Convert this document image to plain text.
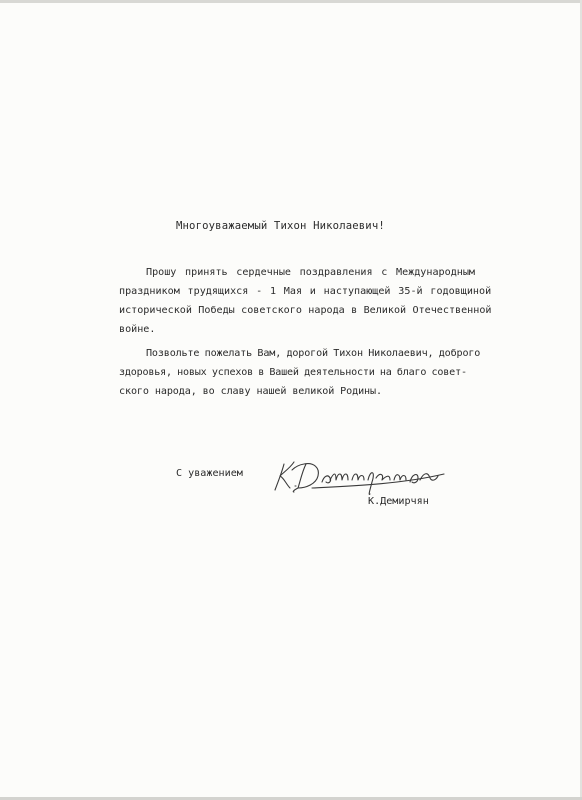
Многоуважаемый Тихон Николаевич!
Прошу принять сердечные поздравления с Международным
праздником трудящихся - 1 Мая и наступающей 35-й годовщиной
исторической Победы советского народа в Великой Отечественной
войне.
Позвольте пожелать Вам, дорогой Тихон Николаевич, доброго
здоровья, новых успехов в Вашей деятельности на благо совет-
ского народа, во славу нашей великой Родины.
С уважением
К.Демирчян
